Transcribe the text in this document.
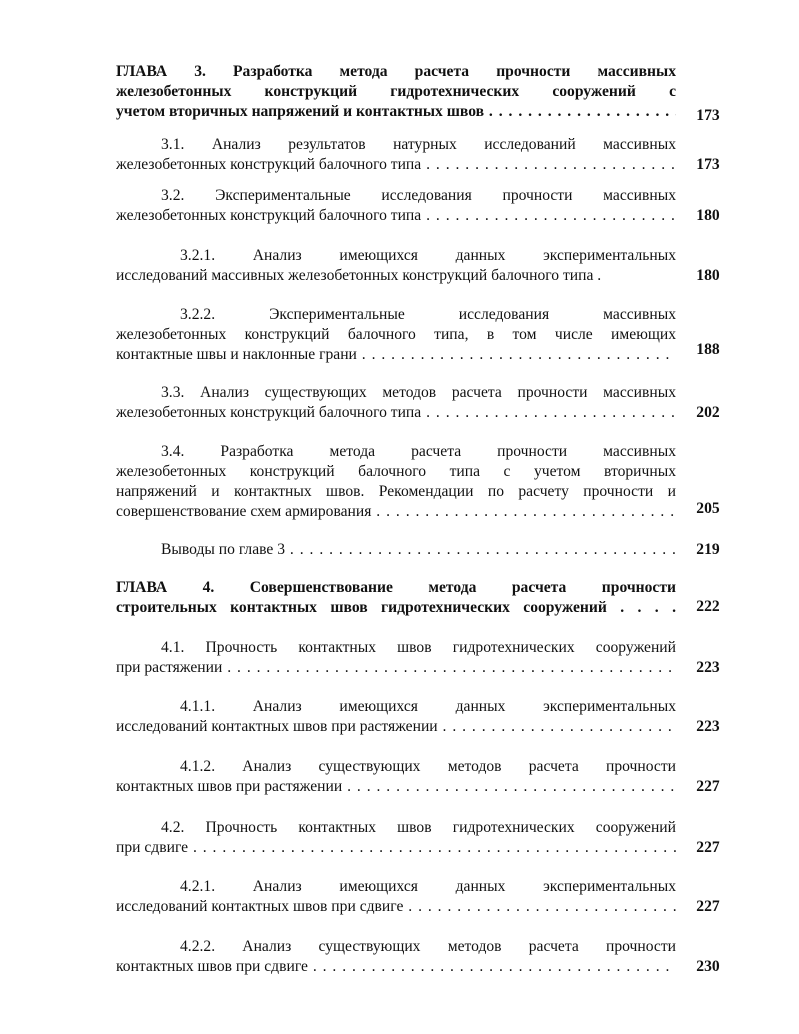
ГЛАВА 3. Разработка метода расчета прочности массивных
железобетонных конструкций гидротехнических сооружений с
учетом вторичных напряжений и контактных швов . . .	173
3.1. Анализ результатов натурных исследований массивных
железобетонных конструкций балочного типа . . .	173
3.2. Экспериментальные исследования прочности массивных
железобетонных конструкций балочного типа . . .	180
3.2.1. Анализ имеющихся данных экспериментальных
исследований массивных железобетонных конструкций балочного типа .	180
3.2.2. Экспериментальные исследования массивных
железобетонных конструкций балочного типа, в том числе имеющих
контактные швы и наклонные грани . . .	188
3.3. Анализ существующих методов расчета прочности массивных
железобетонных конструкций балочного типа . . .	202
3.4. Разработка метода расчета прочности массивных
железобетонных конструкций балочного типа с учетом вторичных
напряжений и контактных швов. Рекомендации по расчету прочности и
совершенствование схем армирования . . .	205
Выводы по главе 3 . . .	219
ГЛАВА 4. Совершенствование метода расчета прочности
строительных контактных швов гидротехнических сооружений . . . .	222
4.1. Прочность контактных швов гидротехнических сооружений
при растяжении . . .	223
4.1.1. Анализ имеющихся данных экспериментальных
исследований контактных швов при растяжении . . .	223
4.1.2. Анализ существующих методов расчета прочности
контактных швов при растяжении . . .	227
4.2. Прочность контактных швов гидротехнических сооружений
при сдвиге . . .	227
4.2.1. Анализ имеющихся данных экспериментальных
исследований контактных швов при сдвиге . . .	227
4.2.2. Анализ существующих методов расчета прочности
контактных швов при сдвиге . . .	230
